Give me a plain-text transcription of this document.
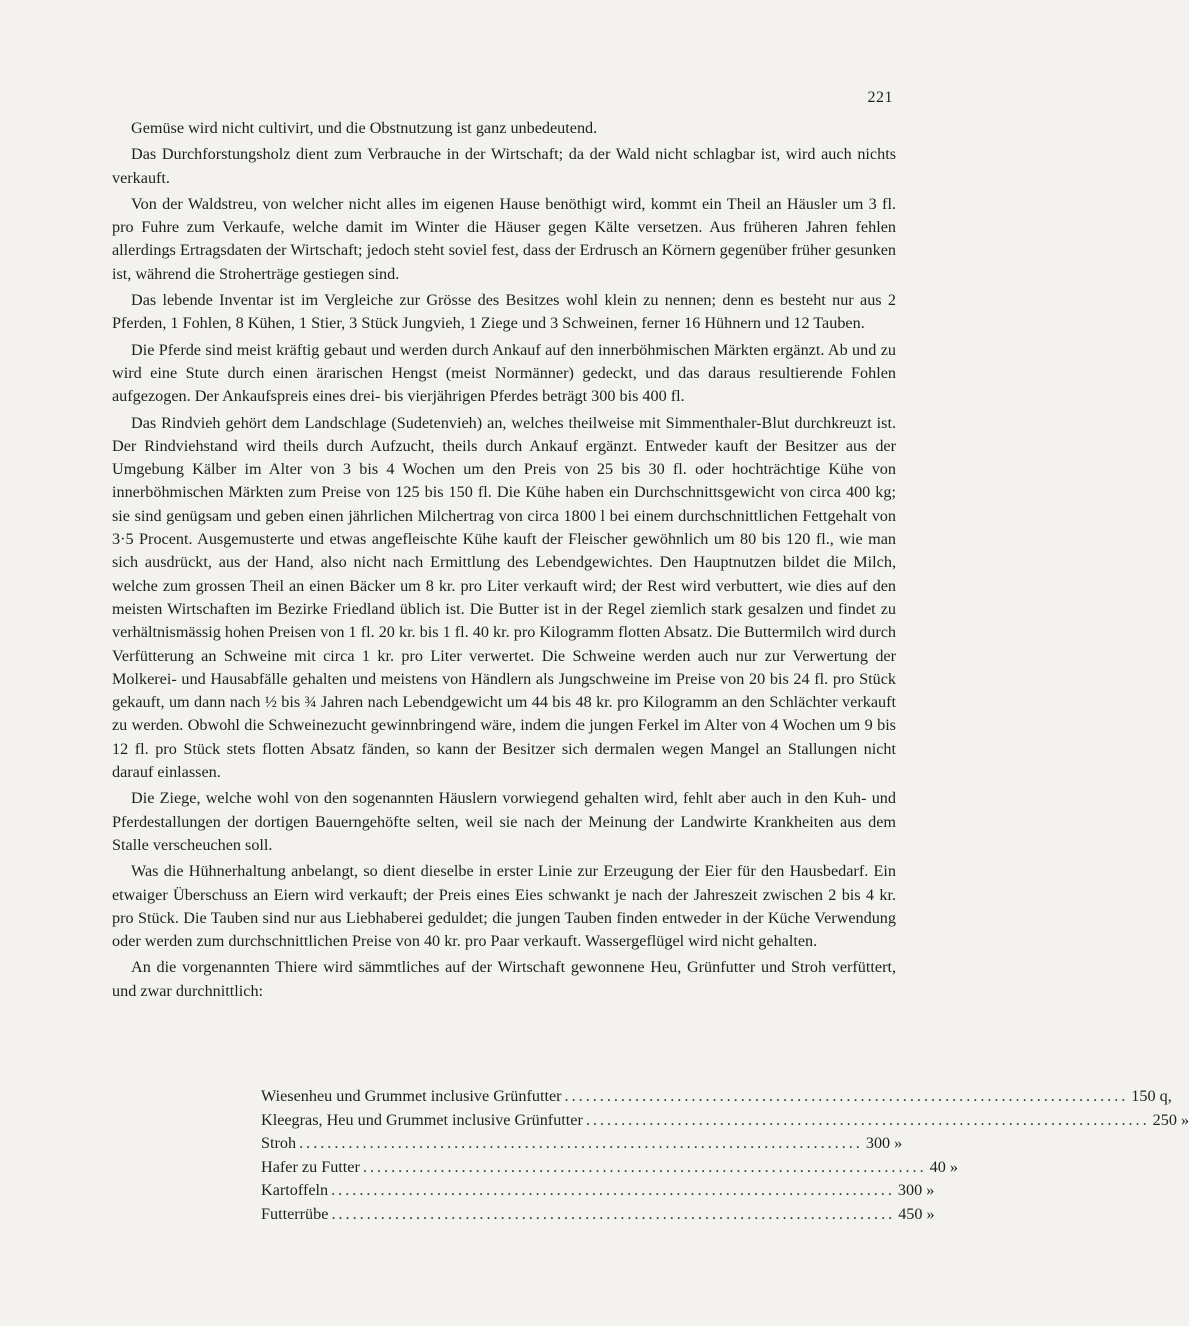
221

Gemüse wird nicht cultivirt, und die Obstnutzung ist ganz unbedeutend.

Das Durchforstungsholz dient zum Verbrauche in der Wirtschaft; da der Wald nicht schlagbar ist, wird auch nichts verkauft.

Von der Waldstreu, von welcher nicht alles im eigenen Hause benöthigt wird, kommt ein Theil an Häusler um 3 fl. pro Fuhre zum Verkaufe, welche damit im Winter die Häuser gegen Kälte versetzen. Aus früheren Jahren fehlen allerdings Ertragsdaten der Wirtschaft; jedoch steht soviel fest, dass der Erdrusch an Körnern gegenüber früher gesunken ist, während die Stroherträge gestiegen sind.

Das lebende Inventar ist im Vergleiche zur Grösse des Besitzes wohl klein zu nennen; denn es besteht nur aus 2 Pferden, 1 Fohlen, 8 Kühen, 1 Stier, 3 Stück Jungvieh, 1 Ziege und 3 Schweinen, ferner 16 Hühnern und 12 Tauben.

Die Pferde sind meist kräftig gebaut und werden durch Ankauf auf den innerböhmischen Märkten ergänzt. Ab und zu wird eine Stute durch einen ärarischen Hengst (meist Normänner) gedeckt, und das daraus resultierende Fohlen aufgezogen. Der Ankaufspreis eines drei- bis vierjährigen Pferdes beträgt 300 bis 400 fl.

Das Rindvieh gehört dem Landschlage (Sudetenvieh) an, welches theilweise mit Simmenthaler-Blut durchkreuzt ist. Der Rindviehstand wird theils durch Aufzucht, theils durch Ankauf ergänzt. Entweder kauft der Besitzer aus der Umgebung Kälber im Alter von 3 bis 4 Wochen um den Preis von 25 bis 30 fl. oder hochträchtige Kühe von innerböhmischen Märkten zum Preise von 125 bis 150 fl. Die Kühe haben ein Durchschnittsgewicht von circa 400 kg; sie sind genügsam und geben einen jährlichen Milchertrag von circa 1800 l bei einem durchschnittlichen Fettgehalt von 3·5 Procent. Ausgemusterte und etwas angefleischte Kühe kauft der Fleischer gewöhnlich um 80 bis 120 fl., wie man sich ausdrückt, aus der Hand, also nicht nach Ermittlung des Lebendgewichtes. Den Hauptnutzen bildet die Milch, welche zum grossen Theil an einen Bäcker um 8 kr. pro Liter verkauft wird; der Rest wird verbuttert, wie dies auf den meisten Wirtschaften im Bezirke Friedland üblich ist. Die Butter ist in der Regel ziemlich stark gesalzen und findet zu verhältnismässig hohen Preisen von 1 fl. 20 kr. bis 1 fl. 40 kr. pro Kilogramm flotten Absatz. Die Buttermilch wird durch Verfütterung an Schweine mit circa 1 kr. pro Liter verwertet. Die Schweine werden auch nur zur Verwertung der Molkerei- und Hausabfälle gehalten und meistens von Händlern als Jungschweine im Preise von 20 bis 24 fl. pro Stück gekauft, um dann nach ½ bis ¾ Jahren nach Lebendgewicht um 44 bis 48 kr. pro Kilogramm an den Schlächter verkauft zu werden. Obwohl die Schweinezucht gewinnbringend wäre, indem die jungen Ferkel im Alter von 4 Wochen um 9 bis 12 fl. pro Stück stets flotten Absatz fänden, so kann der Besitzer sich dermalen wegen Mangel an Stallungen nicht darauf einlassen.

Die Ziege, welche wohl von den sogenannten Häuslern vorwiegend gehalten wird, fehlt aber auch in den Kuh- und Pferdestallungen der dortigen Bauerngehöfte selten, weil sie nach der Meinung der Landwirte Krankheiten aus dem Stalle verscheuchen soll.

Was die Hühnerhaltung anbelangt, so dient dieselbe in erster Linie zur Erzeugung der Eier für den Hausbedarf. Ein etwaiger Überschuss an Eiern wird verkauft; der Preis eines Eies schwankt je nach der Jahreszeit zwischen 2 bis 4 kr. pro Stück. Die Tauben sind nur aus Liebhaberei geduldet; die jungen Tauben finden entweder in der Küche Verwendung oder werden zum durchschnittlichen Preise von 40 kr. pro Paar verkauft. Wassergeflügel wird nicht gehalten.

An die vorgenannten Thiere wird sämmtliches auf der Wirtschaft gewonnene Heu, Grünfutter und Stroh verfüttert, und zwar durchnittlich:

Wiesenheu und Grummet inclusive Grünfutter ................................................................................ 150 q,
Kleegras, Heu und Grummet inclusive Grünfutter ................................................................................ 250 »
Stroh ................................................................................ 300 »
Hafer zu Futter ................................................................................ 40 »
Kartoffeln ................................................................................ 300 »
Futterrübe ................................................................................ 450 »
